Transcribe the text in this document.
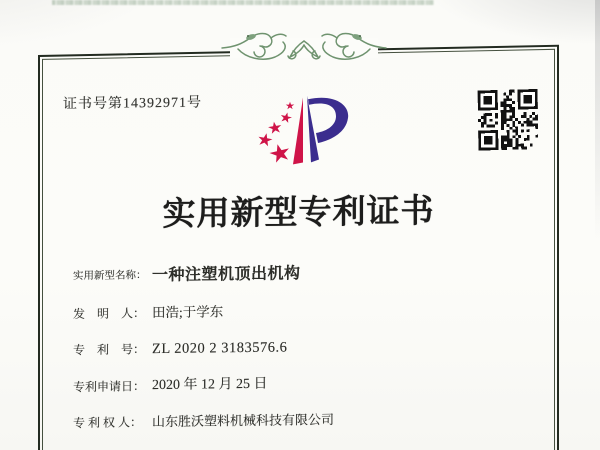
证书号第14392971号
实用新型专利证书
实用新型名称： 一种注塑机顶出机构
发　明　人： 田浩;于学东
专　利　号： ZL 2020 2 3183576.6
专利申请日： 2020 年 12 月 25 日
专 利 权 人： 山东胜沃塑料机械科技有限公司
